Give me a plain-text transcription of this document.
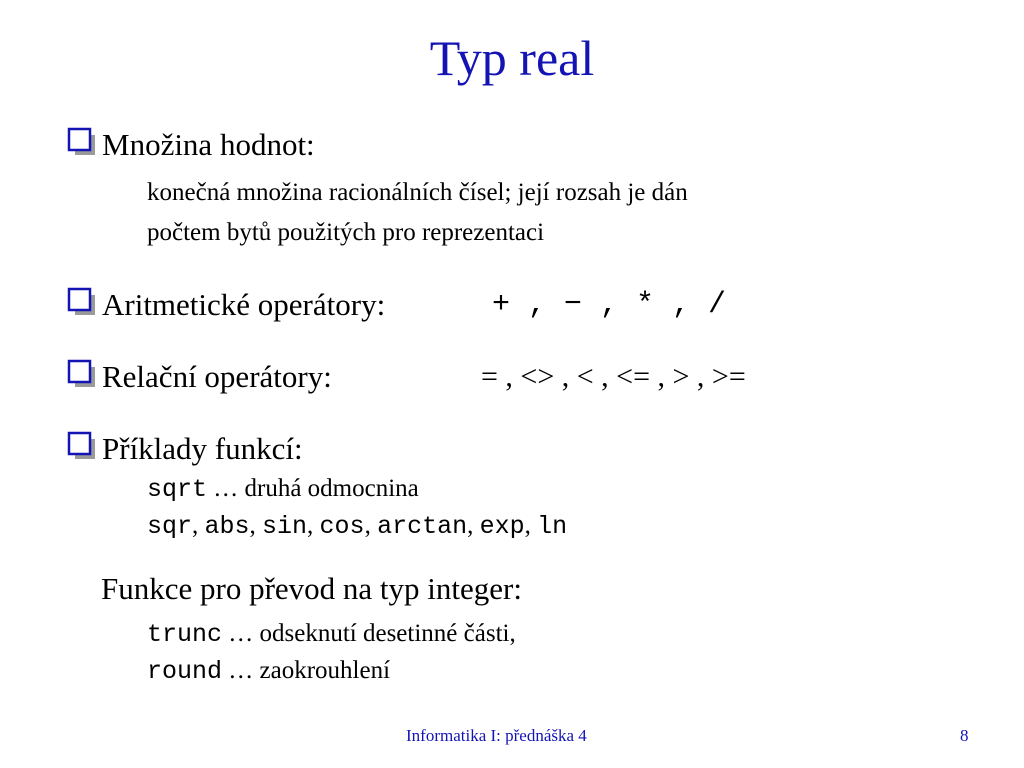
Typ real
Množina hodnot:
konečná množina racionálních čísel; její rozsah je dán
počtem bytů použitých pro reprezentaci
Aritmetické operátory:	+ , − , * , /
Relační operátory:	= , <> , < , <= , > , >=
Příklady funkcí:
sqrt … druhá odmocnina
sqr, abs, sin, cos, arctan, exp, ln
Funkce pro převod na typ integer:
trunc … odseknutí desetinné části,
round … zaokrouhlení
Informatika I: přednáška 4	8
